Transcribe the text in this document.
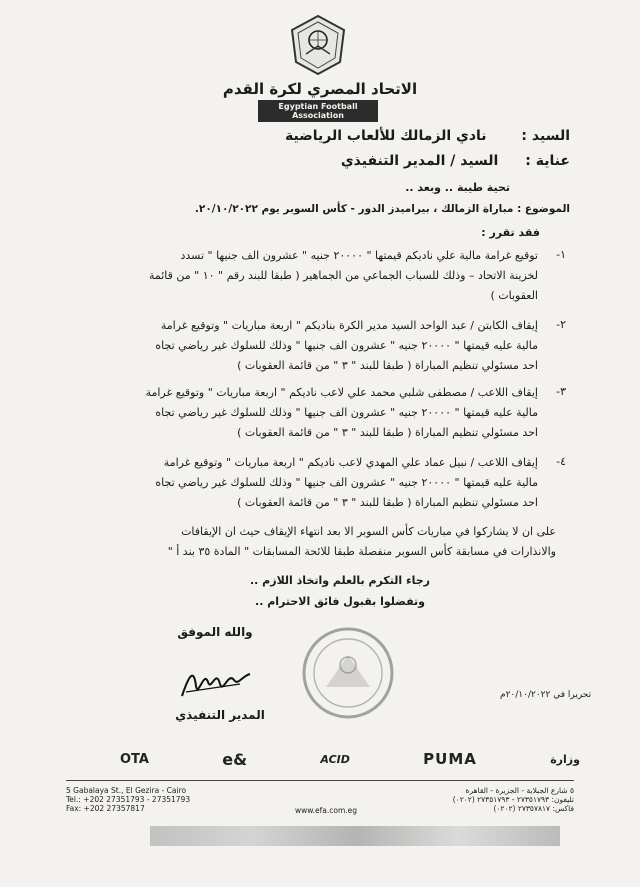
الاتحاد المصري لكرة القدم
Egyptian Football Association
السيد : نادي الزمالك للألعاب الرياضية
عناية : السيد / المدير التنفيذي
تحية طيبة .. وبعد ..
الموضوع : مباراة الزمالك ، بيراميدز الدور - كأس السوبر يوم ٢٠/١٠/٢٠٢٢.
فقد تقرر :
١-
توقيع غرامة مالية علي ناديكم قيمتها " ٢٠٠٠٠ جنيه " عشرون الف جنيها " تسدد
لخزينة الاتحاد – وذلك للسباب الجماعي من الجماهير ( طبقا للبند رقم " ١٠ " من قائمة
العقوبات )
٢-
إيقاف الكابتن / عبد الواحد السيد مدير الكرة بناديكم " اربعة مباريات " وتوقيع غرامة
مالية عليه قيمتها " ٢٠٠٠٠ جنيه " عشرون الف جنيها " وذلك للسلوك غير رياضي تجاه
احد مسئولي تنظيم المباراة ( طبقا للبند " ٣ " من قائمة العقوبات )
٣-
إيقاف اللاعب / مصطفى شلبي محمد علي لاعب ناديكم " اربعة مباريات " وتوقيع غرامة
مالية عليه قيمتها " ٢٠٠٠٠ جنيه " عشرون الف جنيها " وذلك للسلوك غير رياضي تجاه
احد مسئولي تنظيم المباراة ( طبقا للبند " ٣ " من قائمة العقوبات )
٤-
إيقاف اللاعب / نبيل عماد علي المهدي لاعب ناديكم " اربعة مباريات " وتوقيع غرامة
مالية عليه قيمتها " ٢٠٠٠٠ جنيه " عشرون الف جنيها " وذلك للسلوك غير رياضي تجاه
احد مسئولي تنظيم المباراة ( طبقا للبند " ٣ " من قائمة العقوبات )
على ان لا يشاركوا في مباريات كأس السوبر الا بعد انتهاء الإيقاف حيث ان الإيقافات
والانذارات في مسابقة كأس السوبر منفصلة طبقا للائحة المسابقات " المادة ٣٥ بند أ "
رجاء التكرم بالعلم واتخاذ اللازم ..
وتفضلوا بقبول فائق الاحترام ..
والله الموفق
المدير التنفيذي
تحريرا في ٢٠/١٠/٢٠٢٢م
OTA	e&	ACID	PUMA	وزارة
5 Gabalaya St., El Gezira - Cairo
Tel.: +202 27351793 - 27351793
Fax: +202 27357817	www.efa.com.eg
٥ شارع الجبلاية - الجزيرة - القاهرة
تليفون: ٢٧٣٥١٧٩٣ - ٢٧٣٥١٧٩٣ (٠٢٠٢)
فاكس: ٢٧٣٥٧٨١٧ (٠٢٠٢)
